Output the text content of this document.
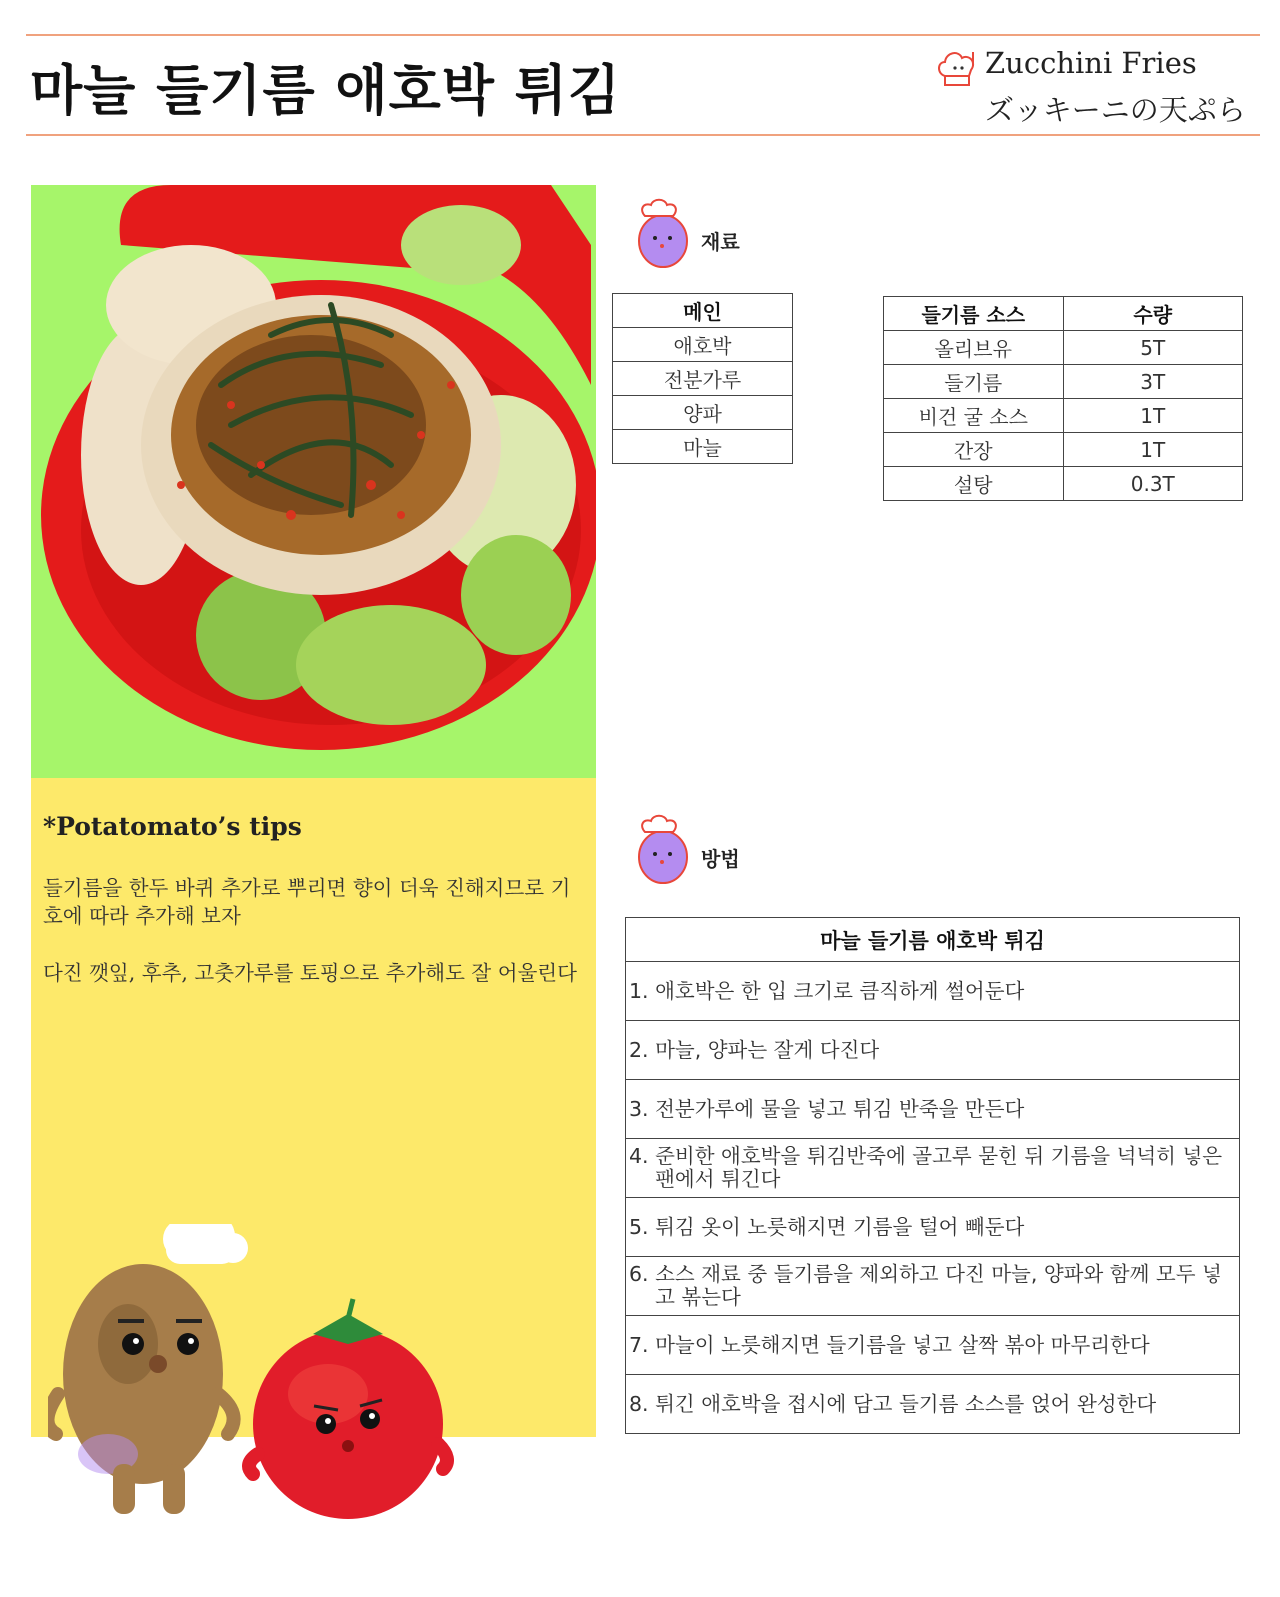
마늘 들기름 애호박 튀김	Zucchini Fries
ズッキーニの天ぷら
*Potatomato’s tips
들기름을 한두 바퀴 추가로 뿌리면 향이 더욱 진해지므로 기호에 따라 추가해 보자
다진 깻잎, 후추, 고춧가루를 토핑으로 추가해도 잘 어울린다
재료
메인
애호박
전분가루
양파
마늘
들기름 소스	수량
올리브유	5T
들기름	3T
비건 굴 소스	1T
간장	1T
설탕	0.3T
방법
마늘 들기름 애호박 튀김

1.
애호박은 한 입 크기로 큼직하게 썰어둔다

2.
마늘, 양파는 잘게 다진다

3.
전분가루에 물을 넣고 튀김 반죽을 만든다

4.
준비한 애호박을 튀김반죽에 골고루 묻힌 뒤 기름을 넉넉히 넣은 팬에서 튀긴다

5.
튀김 옷이 노릇해지면 기름을 털어 빼둔다

6.
소스 재료 중 들기름을 제외하고 다진 마늘, 양파와 함께 모두 넣고 볶는다

7.
마늘이 노릇해지면 들기름을 넣고 살짝 볶아 마무리한다

8.
튀긴 애호박을 접시에 담고 들기름 소스를 얹어 완성한다
